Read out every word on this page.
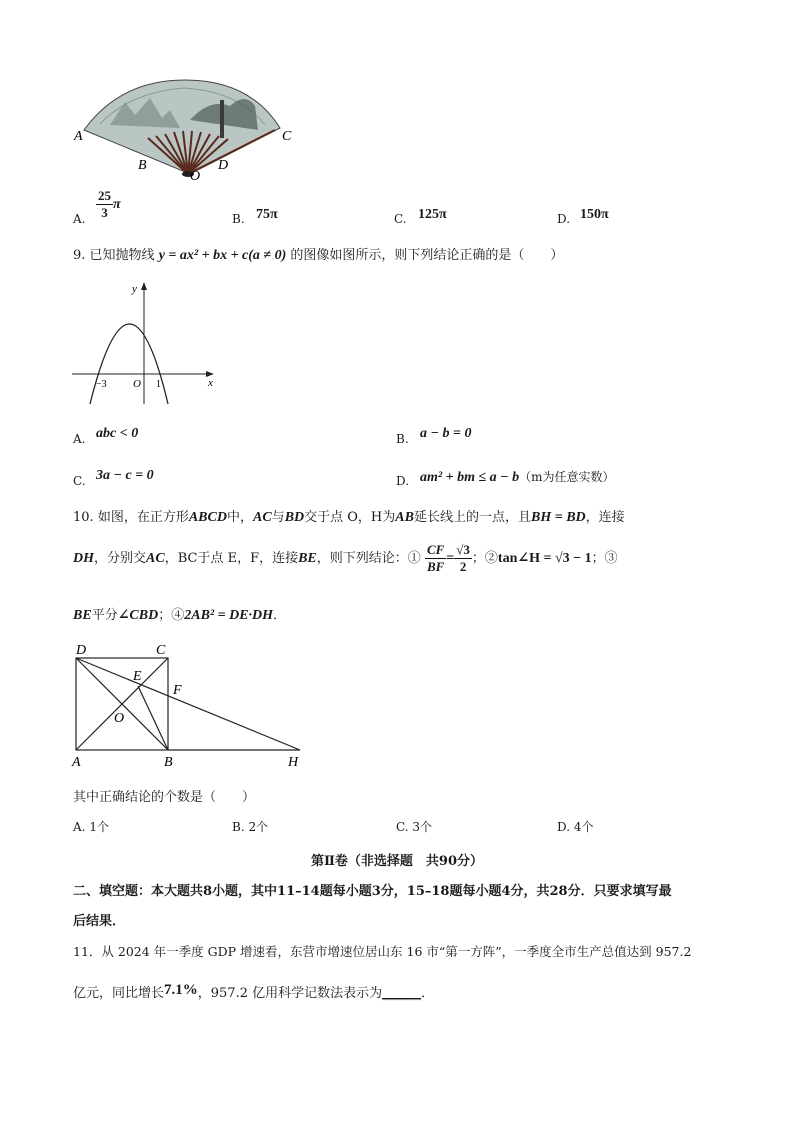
A
B
C
D
O
A. $\frac{25}{3}$ π
B. 75π	C. 125π	D. 150π
9. 已知抛物线 y = ax² + bx + c(a ≠ 0) 的图像如图所示，则下列结论正确的是（　　）
y
x
O
−3	1
A. abc < 0	B. a − b = 0
C. 3a − c = 0	D. am² + bm ≤ a − b（m为任意实数）
10. 如图，在正方形ABCD中，AC与BD交于点 O，H为AB延长线上的一点，且BH = BD，连接
DH，分别交AC，BC于点 E，F，连接BE，则下列结论：① $\frac{CF}{BF} = \frac{√3}{2}$ ；②tan∠H = √3 − 1；③
BE平分∠CBD；④2AB² = DE·DH．
D	C
E
F
O
A	B	H
其中正确结论的个数是（　　）
A. 1个	B. 2个	C. 3个	D. 4个
第Ⅱ卷（非选择题　共90分）
二、填空题：本大题共8小题，其中11–14题每小题3分，15–18题每小题4分，共28分．只要求填写最
后结果．
11．从 2024 年一季度 GDP 增速看，东营市增速位居山东 16 市“第一方阵”，一季度全市生产总值达到 957.2
亿元，同比增长7.1%，957.2 亿用科学记数法表示为______．
